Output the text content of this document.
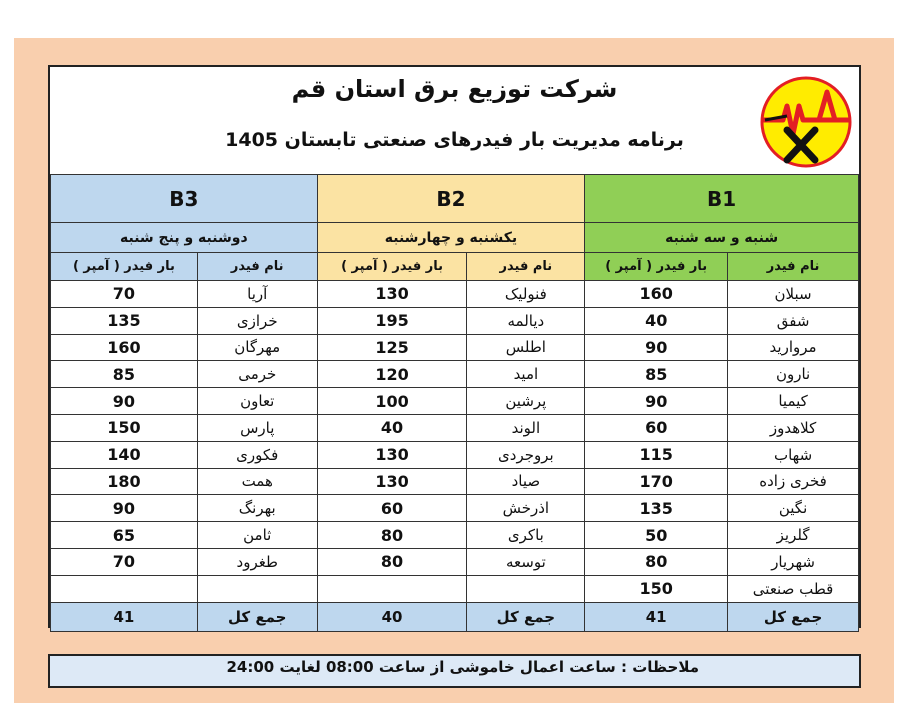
شرکت توزیع برق استان قم
برنامه مدیریت بار فیدرهای صنعتی تابستان 1405
B3		B2		B1	
دوشنبه و پنج شنبه		یکشنبه و چهارشنبه		شنبه و سه شنبه	
بار فیدر ( آمپر )	نام فیدر	بار فیدر ( آمپر )	نام فیدر	بار فیدر ( آمپر )	نام فیدر
70	آریا	130	فنولیک	160	سبلان
135	خرازی	195	دیالمه	40	شفق
160	مهرگان	125	اطلس	90	مروارید
85	خرمی	120	امید	85	نارون
90	تعاون	100	پرشین	90	کیمیا
150	پارس	40	الوند	60	کلاهدوز
140	فکوری	130	بروجردی	115	شهاب
180	همت	130	صیاد	170	فخری زاده
90	بهرنگ	60	اذرخش	135	نگین
65	ثامن	80	باکری	50	گلریز
70	طغرود	80	توسعه	80	شهریار
				150	قطب صنعتی
41	جمع کل	40	جمع کل	41	جمع کل
ملاحظات : ساعت اعمال خاموشی از ساعت 08:00 لغایت 24:00
